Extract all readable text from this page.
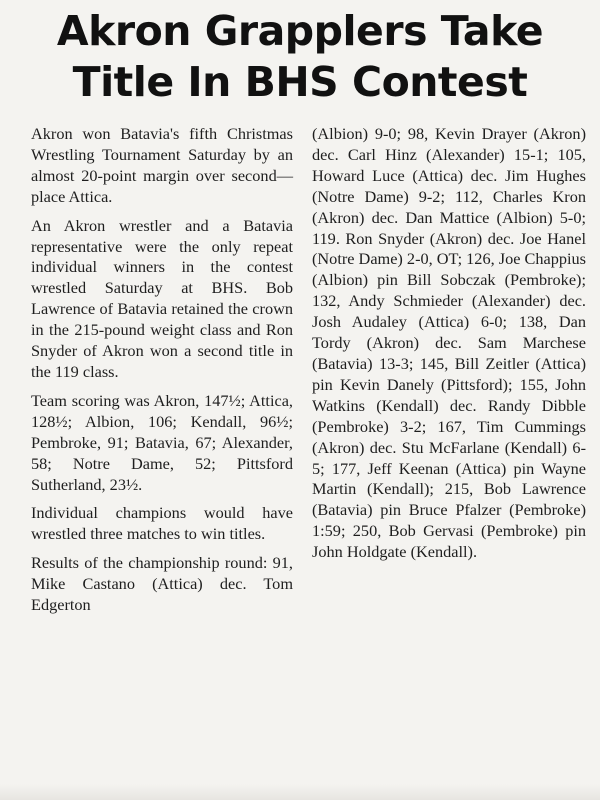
Akron Grapplers Take
Title In BHS Contest

Akron won Batavia's fifth Christmas Wrestling Tournament Saturday by an almost 20-point margin over second—place Attica.

An Akron wrestler and a Batavia representative were the only repeat individual winners in the contest wrestled Saturday at BHS. Bob Lawrence of Batavia retained the crown in the 215-pound weight class and Ron Snyder of Akron won a second title in the 119 class.

Team scoring was Akron, 147½; Attica, 128½; Albion, 106; Kendall, 96½; Pembroke, 91; Batavia, 67; Alexander, 58; Notre Dame, 52; Pittsford Sutherland, 23½.

Individual champions would have wrestled three matches to win titles.

Results of the championship round: 91, Mike Castano (Attica) dec. Tom Edgerton

(Albion) 9-0; 98, Kevin Drayer (Akron) dec. Carl Hinz (Alexander) 15-1; 105, Howard Luce (Attica) dec. Jim Hughes (Notre Dame) 9-2; 112, Charles Kron (Akron) dec. Dan Mattice (Albion) 5-0; 119. Ron Snyder (Akron) dec. Joe Hanel (Notre Dame) 2-0, OT; 126, Joe Chappius (Albion) pin Bill Sobczak (Pembroke); 132, Andy Schmieder (Alexander) dec. Josh Audaley (Attica) 6-0; 138, Dan Tordy (Akron) dec. Sam Marchese (Batavia) 13-3; 145, Bill Zeitler (Attica) pin Kevin Danely (Pittsford); 155, John Watkins (Kendall) dec. Randy Dibble (Pembroke) 3-2; 167, Tim Cummings (Akron) dec. Stu McFarlane (Kendall) 6-5; 177, Jeff Keenan (Attica) pin Wayne Martin (Kendall); 215, Bob Lawrence (Batavia) pin Bruce Pfalzer (Pembroke) 1:59; 250, Bob Gervasi (Pembroke) pin John Holdgate (Kendall).
